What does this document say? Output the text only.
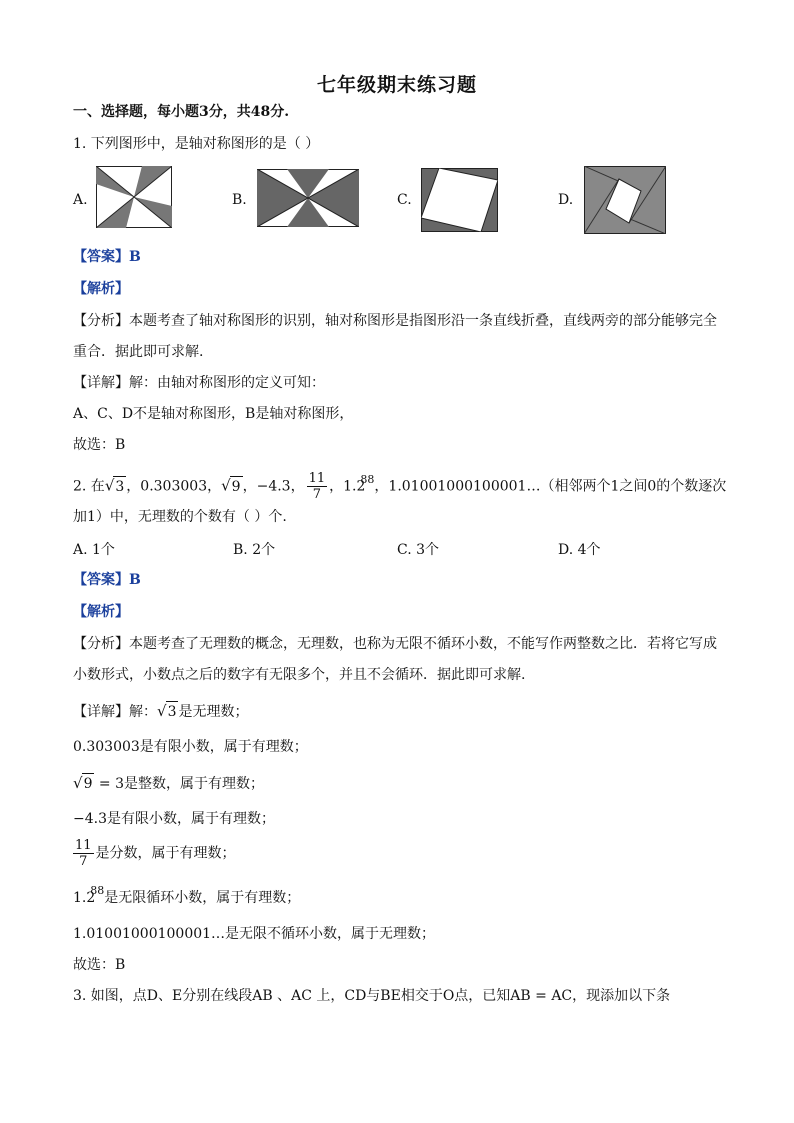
七年级期末练习题
一、选择题，每小题3分，共48分.
1. 下列图形中，是轴对称图形的是（ ）
A.	B.	C.	D.
【答案】B
【解析】
【分析】本题考查了轴对称图形的识别，轴对称图形是指图形沿一条直线折叠，直线两旁的部分能够完全
重合．据此即可求解.
【详解】解：由轴对称图形的定义可知：
A、C、D不是轴对称图形，B是轴对称图形，
故选：B
2. 在√3 ，0.303003，√9 ，−4.3， $\frac{11}{7}$ ，$1.2^{88}$，1.01001000100001…（相邻两个1之间0的个数逐次
加1）中，无理数的个数有（ ）个.
A. 1个	B. 2个	C. 3个	D. 4个
【答案】B
【解析】
【分析】本题考查了无理数的概念，无理数，也称为无限不循环小数，不能写作两整数之比．若将它写成
小数形式，小数点之后的数字有无限多个，并且不会循环．据此即可求解.
【详解】解：√3 是无理数；
0.303003是有限小数，属于有理数；
√9 = 3是整数，属于有理数；
−4.3是有限小数，属于有理数；
$\frac{11}{7}$ 是分数，属于有理数；
$1.2^{88}$是无限循环小数，属于有理数；
1.01001000100001…是无限不循环小数，属于无理数；
故选：B
3. 如图，点D、E分别在线段AB 、AC 上，CD与BE相交于O点，已知AB = AC，现添加以下条
